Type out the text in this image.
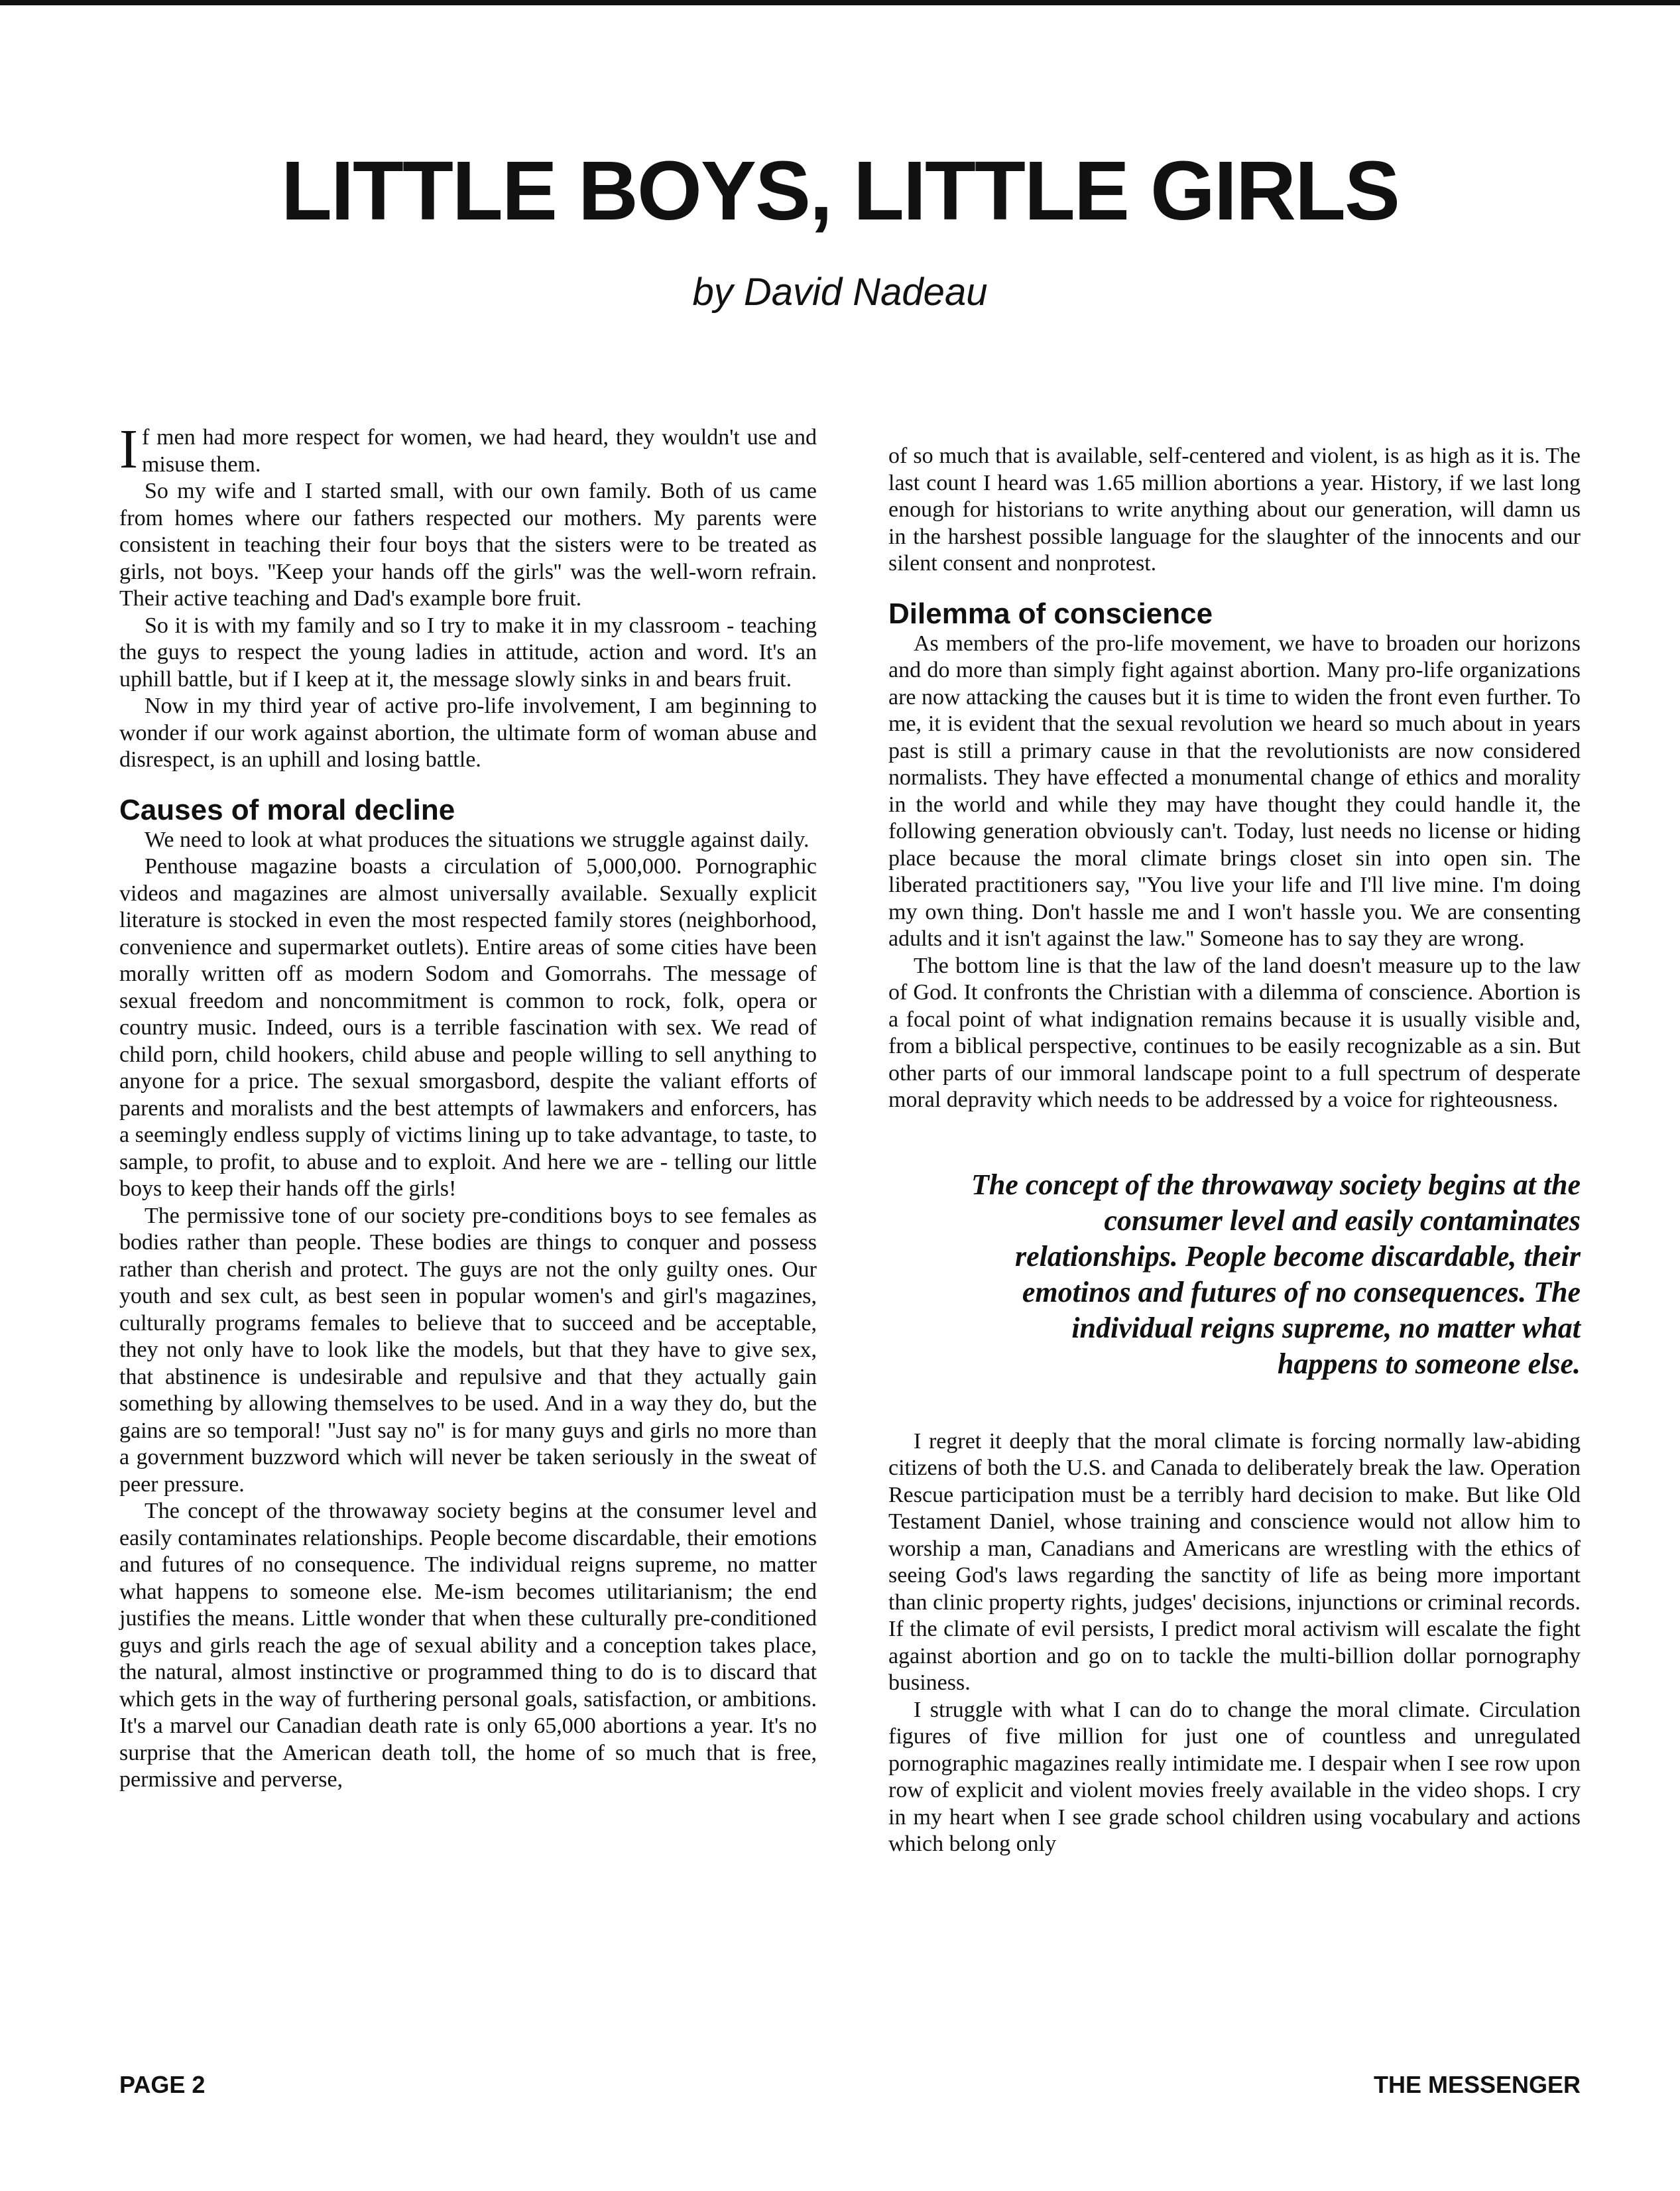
LITTLE BOYS, LITTLE GIRLS
by David Nadeau

If men had more respect for women, we had heard, they wouldn't use and misuse them.

So my wife and I started small, with our own family. Both of us came from homes where our fathers respected our mothers. My parents were consistent in teaching their four boys that the sisters were to be treated as girls, not boys. ''Keep your hands off the girls'' was the well-worn refrain. Their active teaching and Dad's example bore fruit.

So it is with my family and so I try to make it in my classroom - teaching the guys to respect the young ladies in attitude, action and word. It's an uphill battle, but if I keep at it, the message slowly sinks in and bears fruit.

Now in my third year of active pro-life involvement, I am beginning to wonder if our work against abortion, the ultimate form of woman abuse and disrespect, is an uphill and losing battle.

Causes of moral decline

We need to look at what produces the situations we struggle against daily.

Penthouse magazine boasts a circulation of 5,000,000. Pornographic videos and magazines are almost universally available. Sexually explicit literature is stocked in even the most respected family stores (neighborhood, convenience and supermarket outlets). Entire areas of some cities have been morally written off as modern Sodom and Gomorrahs. The message of sexual freedom and noncommitment is common to rock, folk, opera or country music. Indeed, ours is a terrible fascination with sex. We read of child porn, child hookers, child abuse and people willing to sell anything to anyone for a price. The sexual smorgasbord, despite the valiant efforts of parents and moralists and the best attempts of lawmakers and enforcers, has a seemingly endless supply of victims lining up to take advantage, to taste, to sample, to profit, to abuse and to exploit. And here we are - telling our little boys to keep their hands off the girls!

The permissive tone of our society pre-conditions boys to see females as bodies rather than people. These bodies are things to conquer and possess rather than cherish and protect. The guys are not the only guilty ones. Our youth and sex cult, as best seen in popular women's and girl's magazines, culturally programs females to believe that to succeed and be acceptable, they not only have to look like the models, but that they have to give sex, that abstinence is undesirable and repulsive and that they actually gain something by allowing themselves to be used. And in a way they do, but the gains are so temporal! ''Just say no'' is for many guys and girls no more than a government buzzword which will never be taken seriously in the sweat of peer pressure.

The concept of the throwaway society begins at the consumer level and easily contaminates relationships. People become discardable, their emotions and futures of no consequence. The individual reigns supreme, no matter what happens to someone else. Me-ism becomes utilitarianism; the end justifies the means. Little wonder that when these culturally pre-conditioned guys and girls reach the age of sexual ability and a conception takes place, the natural, almost instinctive or programmed thing to do is to discard that which gets in the way of furthering personal goals, satisfaction, or ambitions. It's a marvel our Canadian death rate is only 65,000 abortions a year. It's no surprise that the American death toll, the home of so much that is free, permissive and perverse,

of so much that is available, self-centered and violent, is as high as it is. The last count I heard was 1.65 million abortions a year. History, if we last long enough for historians to write anything about our generation, will damn us in the harshest possible language for the slaughter of the innocents and our silent consent and nonprotest.

Dilemma of conscience

As members of the pro-life movement, we have to broaden our horizons and do more than simply fight against abortion. Many pro-life organizations are now attacking the causes but it is time to widen the front even further. To me, it is evident that the sexual revolution we heard so much about in years past is still a primary cause in that the revolutionists are now considered normalists. They have effected a monumental change of ethics and morality in the world and while they may have thought they could handle it, the following generation obviously can't. Today, lust needs no license or hiding place because the moral climate brings closet sin into open sin. The liberated practitioners say, ''You live your life and I'll live mine. I'm doing my own thing. Don't hassle me and I won't hassle you. We are consenting adults and it isn't against the law.'' Someone has to say they are wrong.

The bottom line is that the law of the land doesn't measure up to the law of God. It confronts the Christian with a dilemma of conscience. Abortion is a focal point of what indignation remains because it is usually visible and, from a biblical perspective, continues to be easily recognizable as a sin. But other parts of our immoral landscape point to a full spectrum of desperate moral depravity which needs to be addressed by a voice for righteousness.

The concept of the throwaway society begins at the consumer level and easily contaminates relationships. People become discardable, their emotinos and futures of no consequences. The individual reigns supreme, no matter what happens to someone else.

I regret it deeply that the moral climate is forcing normally law-abiding citizens of both the U.S. and Canada to deliberately break the law. Operation Rescue participation must be a terribly hard decision to make. But like Old Testament Daniel, whose training and conscience would not allow him to worship a man, Canadians and Americans are wrestling with the ethics of seeing God's laws regarding the sanctity of life as being more important than clinic property rights, judges' decisions, injunctions or criminal records. If the climate of evil persists, I predict moral activism will escalate the fight against abortion and go on to tackle the multi-billion dollar pornography business.

I struggle with what I can do to change the moral climate. Circulation figures of five million for just one of countless and unregulated pornographic magazines really intimidate me. I despair when I see row upon row of explicit and violent movies freely available in the video shops. I cry in my heart when I see grade school children using vocabulary and actions which belong only

PAGE 2	THE MESSENGER
